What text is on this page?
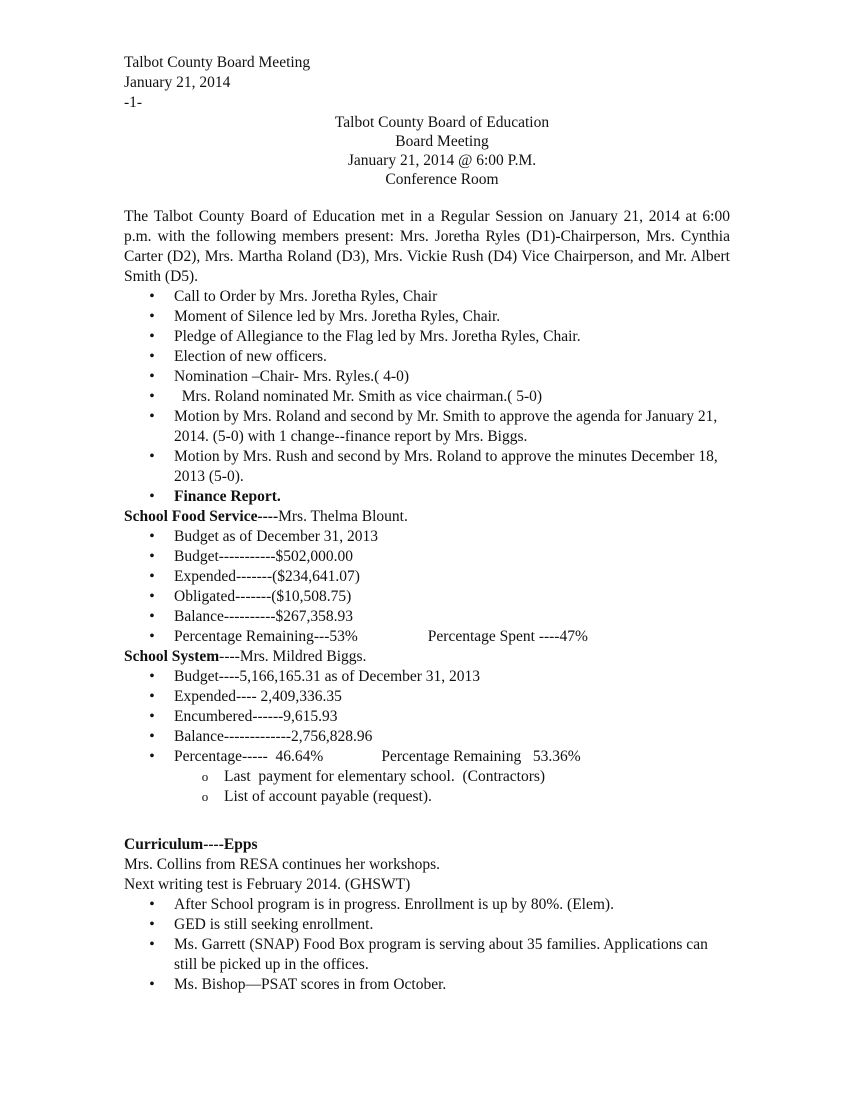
Talbot County Board Meeting
January 21, 2014
-1-
Talbot County Board of Education
Board Meeting
January 21, 2014 @ 6:00 P.M.
Conference Room
The Talbot County Board of Education met in a Regular Session on January 21, 2014 at 6:00 p.m. with the following members present: Mrs. Joretha Ryles (D1)-Chairperson, Mrs. Cynthia Carter (D2), Mrs. Martha Roland (D3), Mrs. Vickie Rush (D4) Vice Chairperson, and Mr. Albert Smith (D5).
• Call to Order by Mrs. Joretha Ryles, Chair
• Moment of Silence led by Mrs. Joretha Ryles, Chair.
• Pledge of Allegiance to the Flag led by Mrs. Joretha Ryles, Chair.
• Election of new officers.
• Nomination –Chair- Mrs. Ryles.( 4-0)
• Mrs. Roland nominated Mr. Smith as vice chairman.( 5-0)
• Motion by Mrs. Roland and second by Mr. Smith to approve the agenda for January 21, 2014. (5-0) with 1 change--finance report by Mrs. Biggs.
• Motion by Mrs. Rush and second by Mrs. Roland to approve the minutes December 18, 2013 (5-0).
• Finance Report.
School Food Service----Mrs. Thelma Blount.
• Budget as of December 31, 2013
• Budget-----------$502,000.00
• Expended-------($234,641.07)
• Obligated-------($10,508.75)
• Balance----------$267,358.93
• Percentage Remaining---53%	Percentage Spent ----47%
School System----Mrs. Mildred Biggs.
• Budget----5,166,165.31 as of December 31, 2013
• Expended---- 2,409,336.35
• Encumbered------9,615.93
• Balance-------------2,756,828.96
• Percentage-----  46.64%	Percentage Remaining   53.36%
o Last  payment for elementary school.  (Contractors)
o List of account payable (request).
Curriculum----Epps
Mrs. Collins from RESA continues her workshops.
Next writing test is February 2014. (GHSWT)
• After School program is in progress. Enrollment is up by 80%. (Elem).
• GED is still seeking enrollment.
• Ms. Garrett (SNAP) Food Box program is serving about 35 families. Applications can still be picked up in the offices.
• Ms. Bishop—PSAT scores in from October.
